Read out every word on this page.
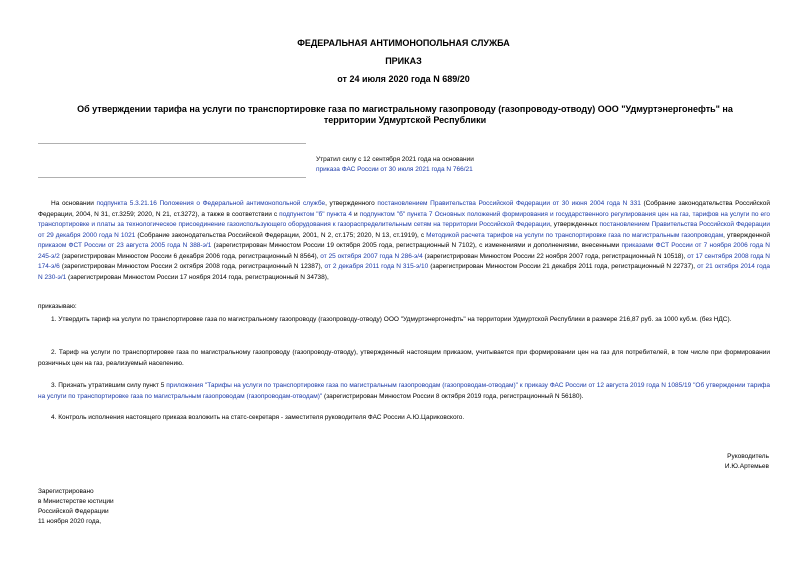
ФЕДЕРАЛЬНАЯ АНТИМОНОПОЛЬНАЯ СЛУЖБА
ПРИКАЗ
от 24 июля 2020 года N 689/20
Об утверждении тарифа на услуги по транспортировке газа по магистральному газопроводу (газопроводу-отводу) ООО "Удмуртэнергонефть" на территории Удмуртской Республики
Утратил силу с 12 сентября 2021 года на основании
приказа ФАС России от 30 июля 2021 года N 766/21

На основании подпункта 5.3.21.16 Положения о Федеральной антимонопольной службе, утвержденного постановлением Правительства Российской Федерации от 30 июня 2004 года N 331 (Собрание законодательства Российской Федерации, 2004, N 31, ст.3259; 2020, N 21, ст.3272), а также в соответствии с подпунктом "б" пункта 4 и подпунктом "б" пункта 7 Основных положений формирования и государственного регулирования цен на газ, тарифов на услуги по его транспортировке и платы за технологическое присоединение газоиспользующего оборудования к газораспределительным сетям на территории Российской Федерации, утвержденных постановлением Правительства Российской Федерации от 29 декабря 2000 года N 1021 (Собрание законодательства Российской Федерации, 2001, N 2, ст.175; 2020, N 13, ст.1919), с Методикой расчета тарифов на услуги по транспортировке газа по магистральным газопроводам, утвержденной приказом ФСТ России от 23 августа 2005 года N 388-э/1 (зарегистрирован Минюстом России 19 октября 2005 года, регистрационный N 7102), с изменениями и дополнениями, внесенными приказами ФСТ России от 7 ноября 2006 года N 245-э/2 (зарегистрирован Минюстом России 6 декабря 2006 года, регистрационный N 8564), от 25 октября 2007 года N 286-э/4 (зарегистрирован Минюстом России 22 ноября 2007 года, регистрационный N 10518), от 17 сентября 2008 года N 174-э/6 (зарегистрирован Минюстом России 2 октября 2008 года, регистрационный N 12387), от 2 декабря 2011 года N 315-э/10 (зарегистрирован Минюстом России 21 декабря 2011 года, регистрационный N 22737), от 21 октября 2014 года N 230-э/1 (зарегистрирован Минюстом России 17 ноября 2014 года, регистрационный N 34738),

приказываю:

1. Утвердить тариф на услуги по транспортировке газа по магистральному газопроводу (газопроводу-отводу) ООО "Удмуртэнергонефть" на территории Удмуртской Республики в размере 216,87 руб. за 1000 куб.м. (без НДС).

2. Тариф на услуги по транспортировке газа по магистральному газопроводу (газопроводу-отводу), утвержденный настоящим приказом, учитывается при формировании цен на газ для потребителей, в том числе при формировании розничных цен на газ, реализуемый населению.

3. Признать утратившим силу пункт 5 приложения "Тарифы на услуги по транспортировке газа по магистральным газопроводам (газопроводам-отводам)" к приказу ФАС России от 12 августа 2019 года N 1085/19 "Об утверждении тарифа на услуги по транспортировке газа по магистральным газопроводам (газопроводам-отводам)" (зарегистрирован Минюстом России 8 октября 2019 года, регистрационный N 56180).

4. Контроль исполнения настоящего приказа возложить на статс-секретаря - заместителя руководителя ФАС России А.Ю.Цариковского.

Руководитель
И.Ю.Артемьев
Зарегистрировано
в Министерстве юстиции
Российской Федерации
11 ноября 2020 года,
